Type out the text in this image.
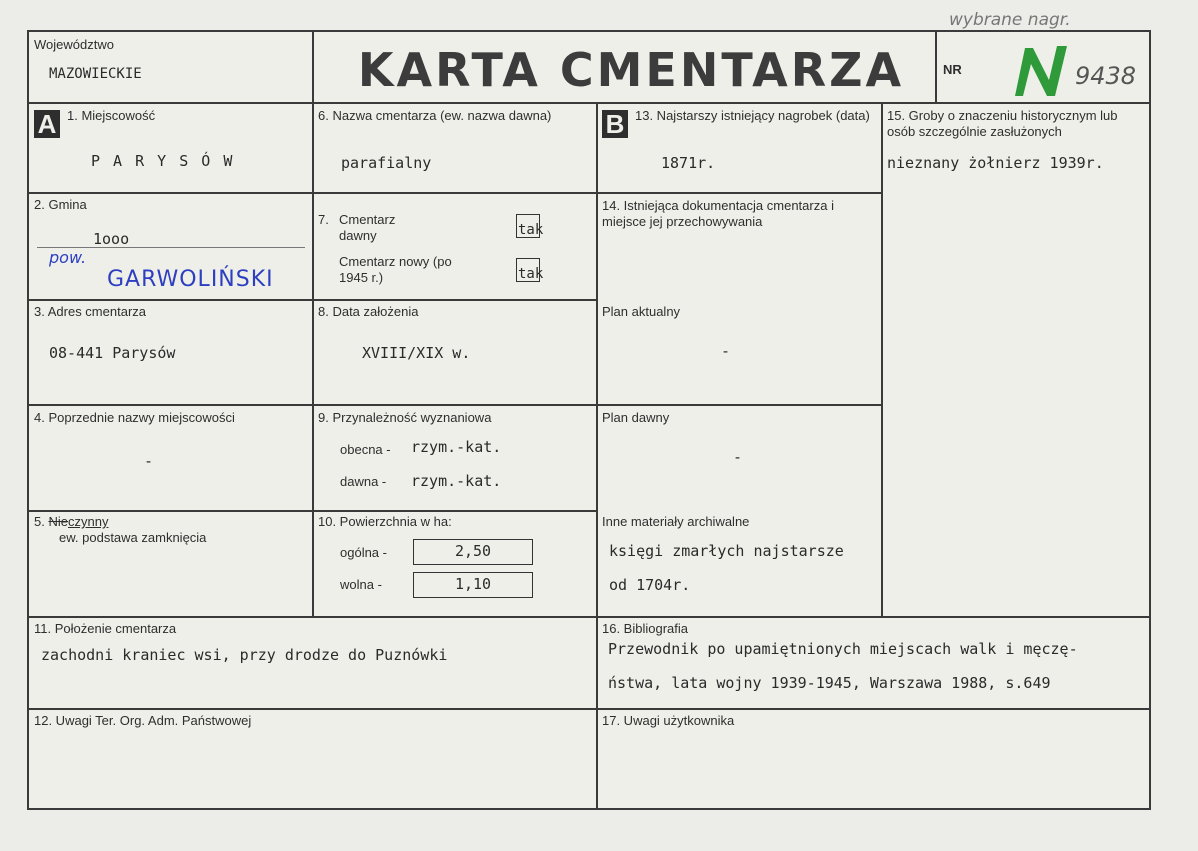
Województwo
MAZOWIECKIE	KARTA CMENTARZA	NR	9438
wybrane nagr.
A 1. Miejscowość
P A R Y S Ó W
2. Gmina
1ooo
pow.
GARWOLIŃSKI
3. Adres cmentarza
08-441 Parysów
4. Poprzednie nazwy miejscowości
-
5. Nieczynny
ew. podstawa zamknięcia
6. Nazwa cmentarza (ew. nazwa dawna)
parafialny
7. Cmentarz dawny	tak
Cmentarz nowy (po 1945 r.)	tak
8. Data założenia
XVIII/XIX w.
9. Przynależność wyznaniowa
obecna - rzym.-kat.
dawna - rzym.-kat.
10. Powierzchnia w ha:
ogólna -	2,50
wolna -	1,10
B 13. Najstarszy istniejący nagrobek (data)
1871r.
14. Istniejąca dokumentacja cmentarza i miejsce jej przechowywania
Plan aktualny
-
Plan dawny
-
Inne materiały archiwalne
księgi zmarłych najstarsze
od 1704r.
15. Groby o znaczeniu historycznym lub osób szczególnie zasłużonych
nieznany żołnierz 1939r.
11. Położenie cmentarza
zachodni kraniec wsi, przy drodze do Puznówki
12. Uwagi Ter. Org. Adm. Państwowej
16. Bibliografia
Przewodnik po upamiętnionych miejscach walk i męczę-
ństwa, lata wojny 1939-1945, Warszawa 1988, s.649
17. Uwagi użytkownika
